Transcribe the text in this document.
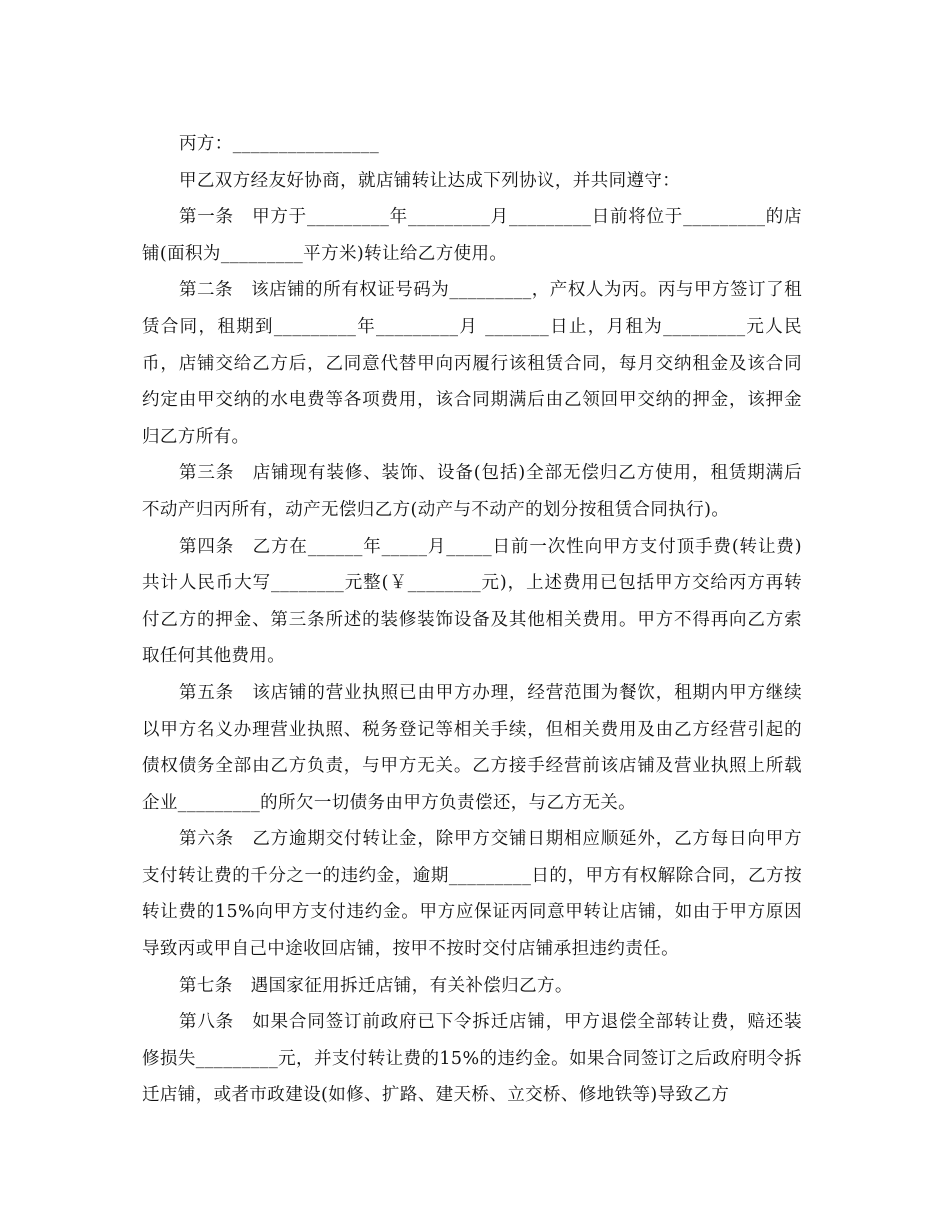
丙方：________________

甲乙双方经友好协商，就店铺转让达成下列协议，并共同遵守：

第一条　甲方于_________年_________月_________日前将位于_________的店铺(面积为_________平方米)转让给乙方使用。

第二条　该店铺的所有权证号码为_________，产权人为丙。丙与甲方签订了租赁合同，租期到_________年_________月 _______日止，月租为_________元人民币，店铺交给乙方后，乙同意代替甲向丙履行该租赁合同，每月交纳租金及该合同约定由甲交纳的水电费等各项费用，该合同期满后由乙领回甲交纳的押金，该押金归乙方所有。

第三条　店铺现有装修、装饰、设备(包括)全部无偿归乙方使用，租赁期满后不动产归丙所有，动产无偿归乙方(动产与不动产的划分按租赁合同执行)。

第四条　乙方在______年_____月_____日前一次性向甲方支付顶手费(转让费)共计人民币大写________元整(￥________元)，上述费用已包括甲方交给丙方再转付乙方的押金、第三条所述的装修装饰设备及其他相关费用。甲方不得再向乙方索取任何其他费用。

第五条　该店铺的营业执照已由甲方办理，经营范围为餐饮，租期内甲方继续以甲方名义办理营业执照、税务登记等相关手续，但相关费用及由乙方经营引起的债权债务全部由乙方负责，与甲方无关。乙方接手经营前该店铺及营业执照上所载企业_________的所欠一切债务由甲方负责偿还，与乙方无关。

第六条　乙方逾期交付转让金，除甲方交铺日期相应顺延外，乙方每日向甲方支付转让费的千分之一的违约金，逾期_________日的，甲方有权解除合同，乙方按转让费的15%向甲方支付违约金。甲方应保证丙同意甲转让店铺，如由于甲方原因导致丙或甲自己中途收回店铺，按甲不按时交付店铺承担违约责任。

第七条　遇国家征用拆迁店铺，有关补偿归乙方。

第八条　如果合同签订前政府已下令拆迁店铺，甲方退偿全部转让费，赔还装修损失_________元，并支付转让费的15%的违约金。如果合同签订之后政府明令拆迁店铺，或者市政建设(如修、扩路、建天桥、立交桥、修地铁等)导致乙方
